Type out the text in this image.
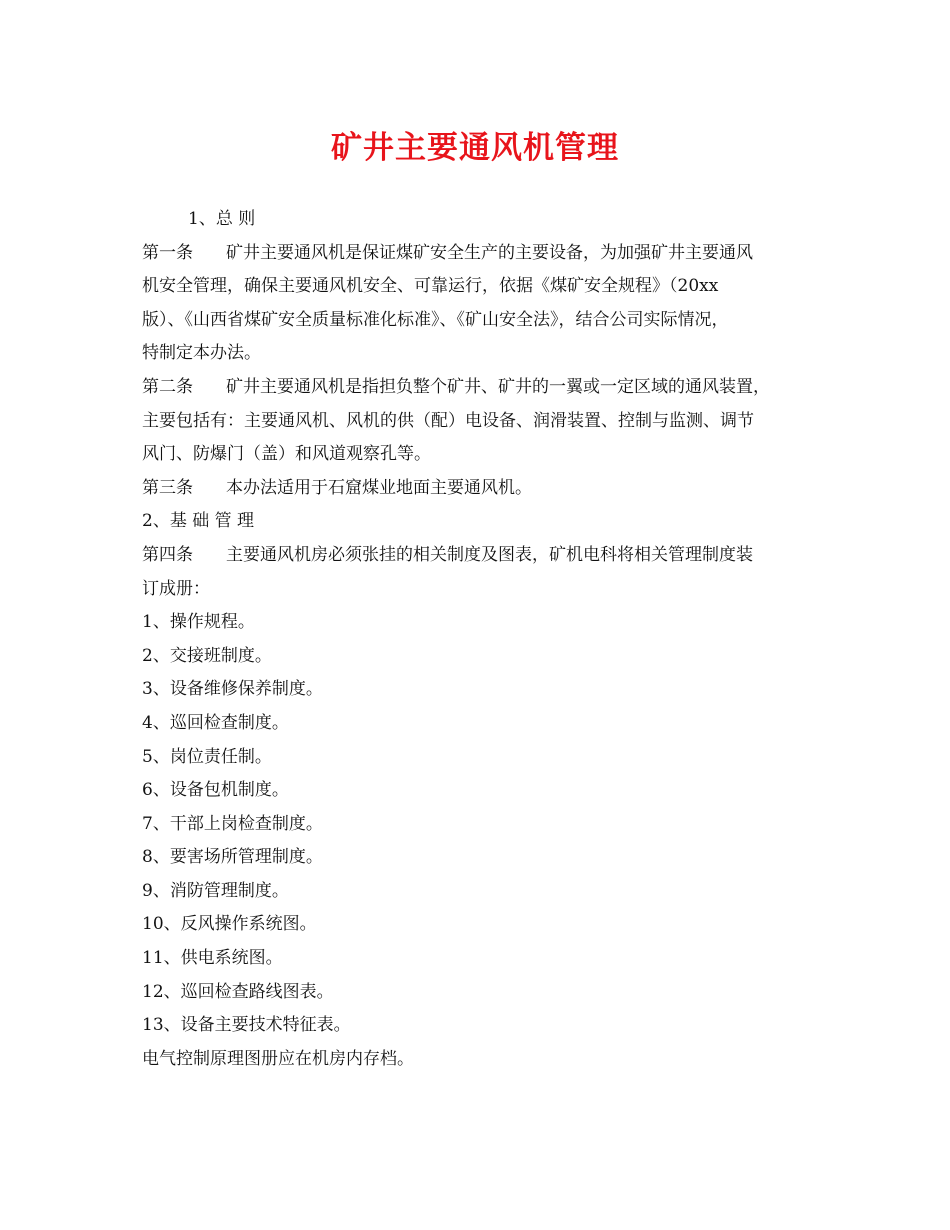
矿井主要通风机管理
1、总 则
第一条 矿井主要通风机是保证煤矿安全生产的主要设备，为加强矿井主要通风
机安全管理，确保主要通风机安全、可靠运行，依据《煤矿安全规程》（20xx
版）、《山西省煤矿安全质量标准化标准》、《矿山安全法》，结合公司实际情况，
特制定本办法。
第二条 矿井主要通风机是指担负整个矿井、矿井的一翼或一定区域的通风装置，
主要包括有：主要通风机、风机的供（配）电设备、润滑装置、控制与监测、调节
风门、防爆门（盖）和风道观察孔等。
第三条 本办法适用于石窟煤业地面主要通风机。
2、基 础 管 理
第四条 主要通风机房必须张挂的相关制度及图表，矿机电科将相关管理制度装
订成册：
1、操作规程。
2、交接班制度。
3、设备维修保养制度。
4、巡回检查制度。
5、岗位责任制。
6、设备包机制度。
7、干部上岗检查制度。
8、要害场所管理制度。
9、消防管理制度。
10、反风操作系统图。
11、供电系统图。
12、巡回检查路线图表。
13、设备主要技术特征表。
电气控制原理图册应在机房内存档。
